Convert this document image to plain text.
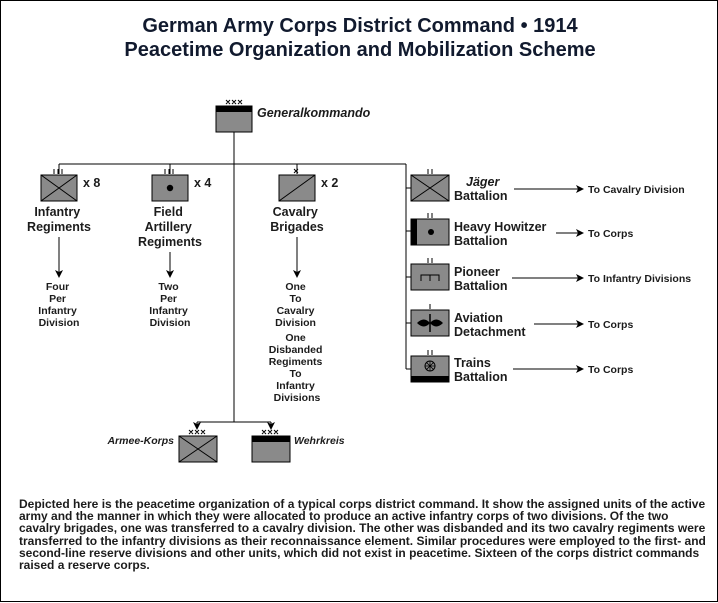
German Army Corps District Command • 1914
Peacetime Organization and Mobilization Scheme
Generalkommando
x 8	x 4	x 2
Infantry Regiments
Field Artillery Regiments
Cavalry Brigades
Four Per Infantry Division
Two Per Infantry Division
One To Cavalry Division One Disbanded Regiments To Infantry Divisions
Jäger Battalion
Heavy Howitzer Battalion
Pioneer Battalion
Aviation Detachment
Trains Battalion
To Cavalry Division
To Corps
To Infantry Divisions
To Corps
To Corps
Armee-Korps	Wehrkreis

Depicted here is the peacetime organization of a typical corps district command. It show the assigned units of the active army and the manner in which they were allocated to produce an active infantry corps of two divisions. Of the two cavalry brigades, one was transferred to a cavalry division. The other was disbanded and its two cavalry regiments were transferred to the infantry divisions as their reconnaissance element. Similar procedures were employed to the first- and second-line reserve divisions and other units, which did not exist in peacetime. Sixteen of the corps district commands raised a reserve corps.
